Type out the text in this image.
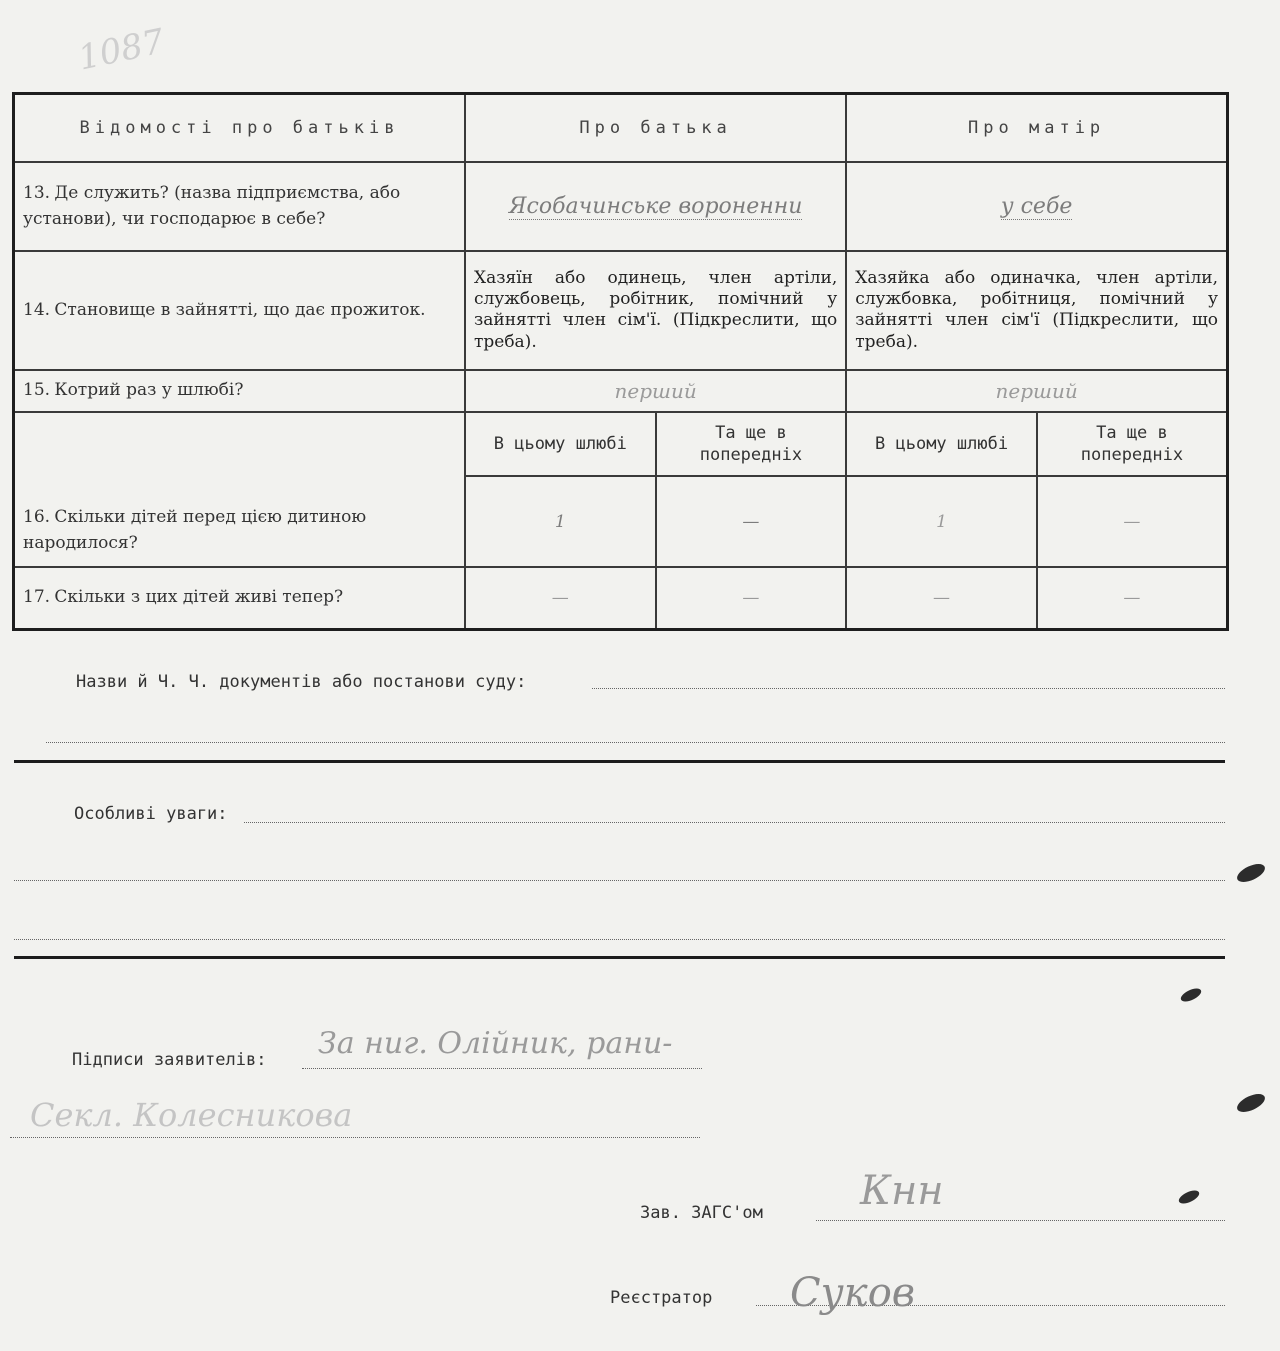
1087
Відомості про батьків	Про батька		Про матір	
13. Де служить? (назва підприємства, або установи), чи господарює в себе?	Ясобачинське вороненни		у себе	
14. Становище в зайнятті, що дає прожиток.	Хазяїн або одинець, член артіли, службовець, робітник, помічний у зайнятті член сім'ї. (Підкреслити, що треба).		Хазяйка або одиначка, член артіли, службовка, робітниця, помічний у зайнятті член сім'ї (Підкреслити, що треба).	
15. Котрий раз у шлюбі?	перший		перший	
16. Скільки дітей перед цією дитиною народилося?	В цьому шлюбі	Та ще в попередніх	В цьому шлюбі	Та ще в попередніх
	1	—	1	—
17. Скільки з цих дітей живі тепер?	—	—	—	—
Назви й Ч. Ч. документів або постанови суду:
Особливі уваги:
Підписи заявителів: За ниг. Олійник, рани-
Секл. Колесникова
Зав. ЗАГС'ом Кнн
Реєстратор Суков
